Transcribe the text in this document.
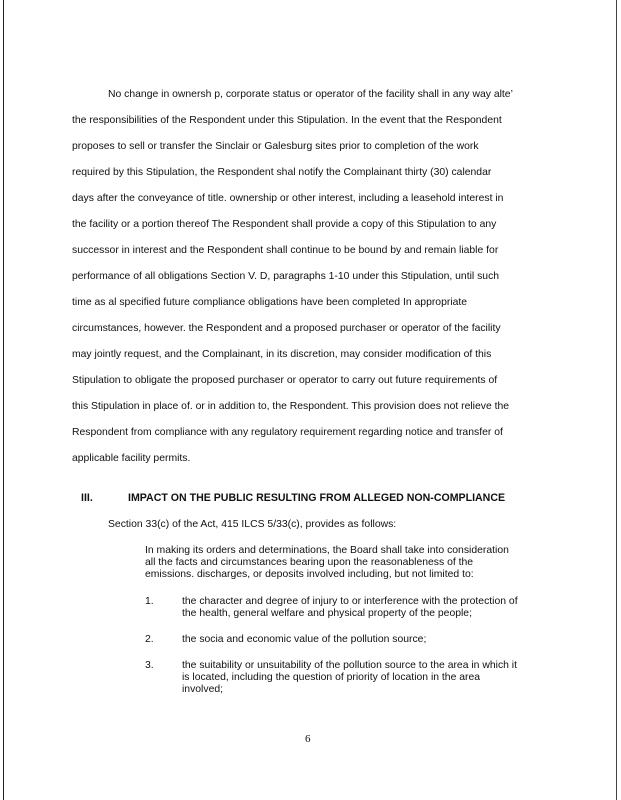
No change in ownersh p, corporate status or operator of the facility shall in any way alte’
the responsibilities of the Respondent under this Stipulation. In the event that the Respondent
proposes to sell or transfer the Sinclair or Galesburg sites prior to completion of the work
required by this Stipulation, the Respondent shal notify the Complainant thirty (30) calendar
days after the conveyance of title. ownership or other interest, including a leasehold interest in
the facility or a portion thereof The Respondent shall provide a copy of this Stipulation to any
successor in interest and the Respondent shall continue to be bound by and remain liable for
performance of all obligations Section V. D, paragraphs 1-10 under this Stipulation, until such
time as al specified future compliance obligations have been completed In appropriate
circumstances, however. the Respondent and a proposed purchaser or operator of the facility
may jointly request, and the Complainant, in its discretion, may consider modification of this
Stipulation to obligate the proposed purchaser or operator to carry out future requirements of
this Stipulation in place of. or in addition to, the Respondent. This provision does not relieve the
Respondent from compliance with any regulatory requirement regarding notice and transfer of
applicable facility permits.
III.	IMPACT ON THE PUBLIC RESULTING FROM ALLEGED NON-COMPLIANCE
Section 33(c) of the Act, 415 ILCS 5/33(c), provides as follows:
In making its orders and determinations, the Board shall take into consideration
all the facts and circumstances bearing upon the reasonableness of the
emissions. discharges, or deposits involved including, but not limited to:
1.	the character and degree of injury to or interference with the protection of
the health, general welfare and physical property of the people;
2.	the socia and economic value of the pollution source;
3.	the suitability or unsuitability of the pollution source to the area in which it
is located, including the question of priority of location in the area
involved;
6
